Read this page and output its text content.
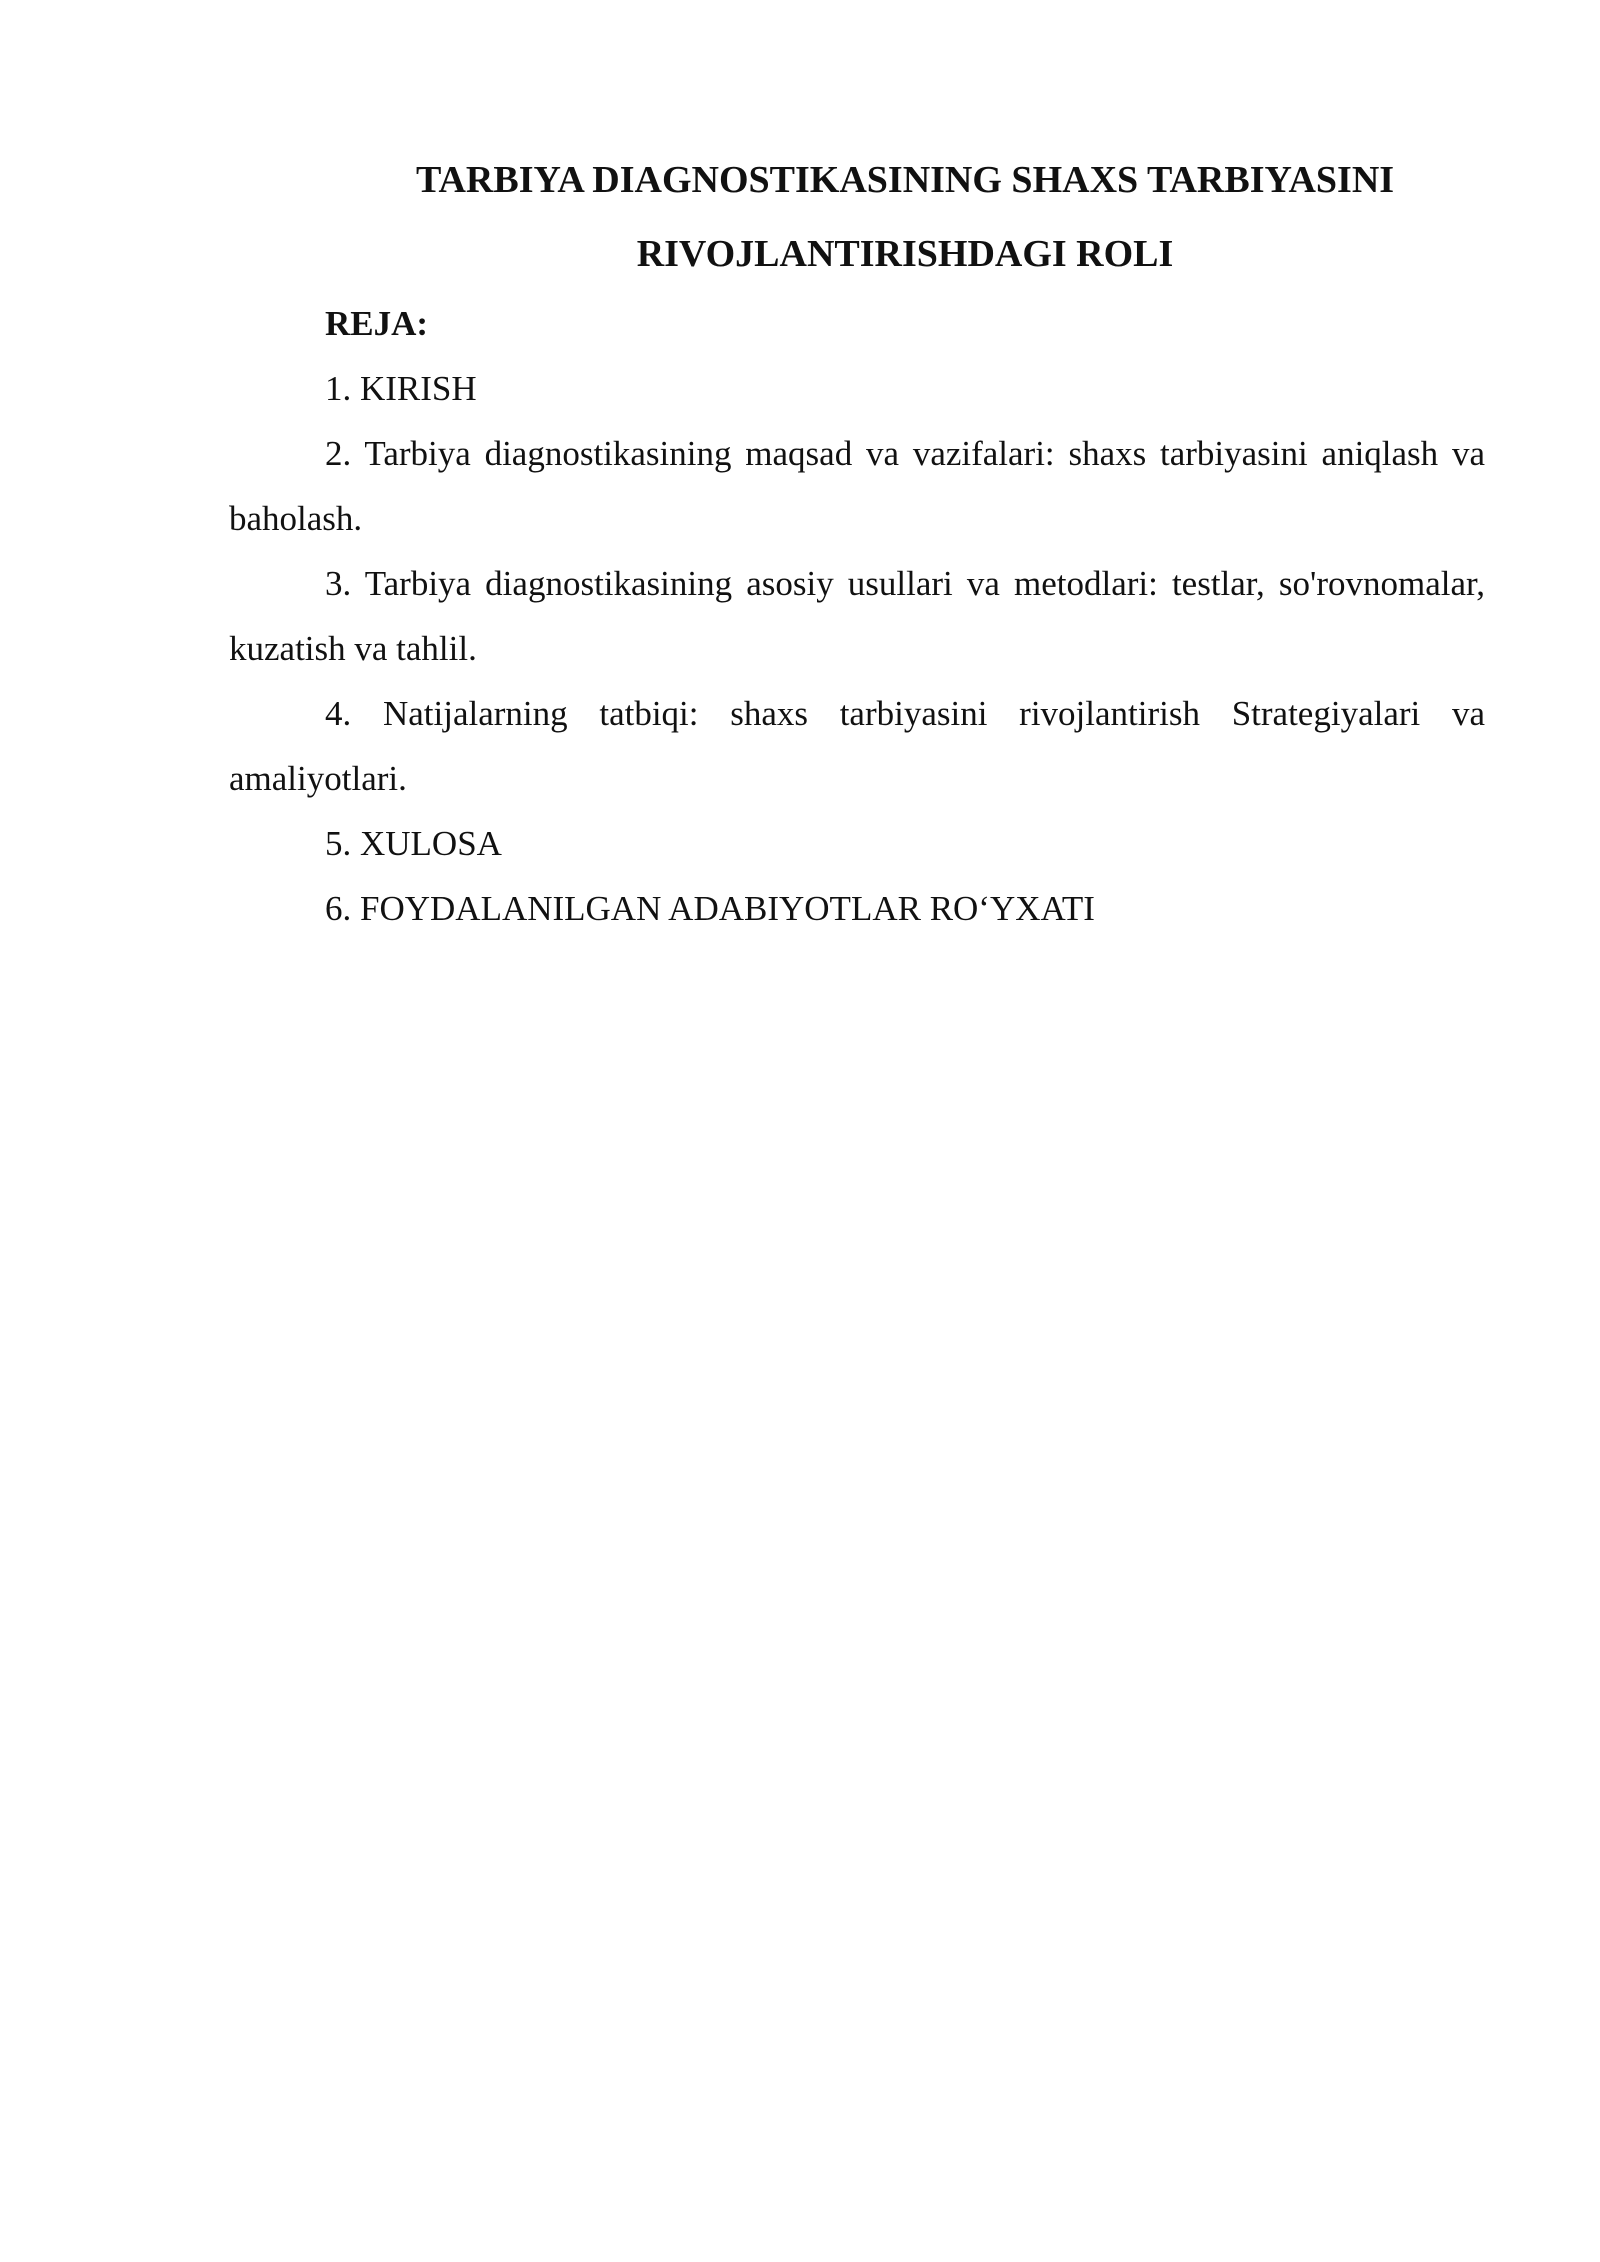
TARBIYA DIAGNOSTIKASINING SHAXS TARBIYASINI
RIVOJLANTIRISHDAGI ROLI

REJA:

1. KIRISH

2. Tarbiya diagnostikasining maqsad va vazifalari: shaxs tarbiyasini aniqlash va baholash.

3. Tarbiya diagnostikasining asosiy usullari va metodlari: testlar, so'rovnomalar, kuzatish va tahlil.

4. Natijalarning tatbiqi: shaxs tarbiyasini rivojlantirish Strategiyalari va amaliyotlari.

5. XULOSA

6. FOYDALANILGAN ADABIYOTLAR RO‘YXATI
